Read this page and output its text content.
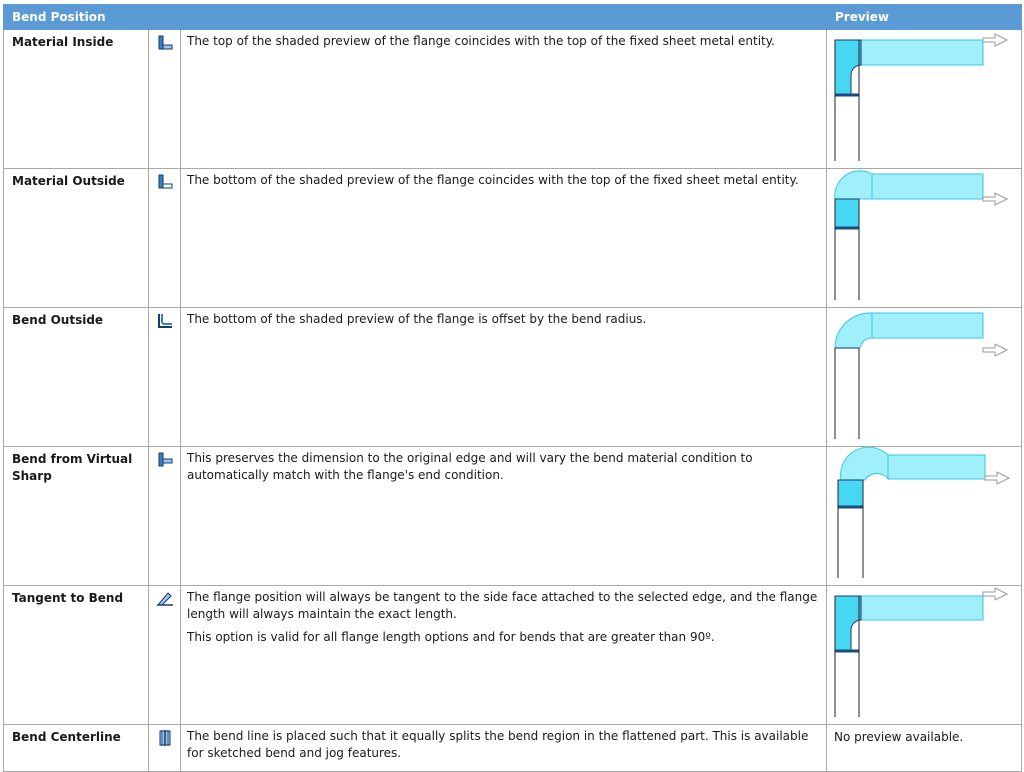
Bend Position			Preview
Material Inside		The top of the shaded preview of the flange coincides with the top of the fixed sheet metal entity.

Material Outside		The bottom of the shaded preview of the flange coincides with the top of the fixed sheet metal entity.

Bend Outside		The bottom of the shaded preview of the flange is offset by the bend radius.

Bend from Virtual Sharp		This preserves the dimension to the original edge and will vary the bend material condition to automatically match with the flange's end condition.

Tangent to Bend		The flange position will always be tangent to the side face attached to the selected edge, and the flange length will always maintain the exact length.

This option is valid for all flange length options and for bends that are greater than 90º.

Bend Centerline		The bend line is placed such that it equally splits the bend region in the flattened part. This is available for sketched bend and jog features.	No preview available.
